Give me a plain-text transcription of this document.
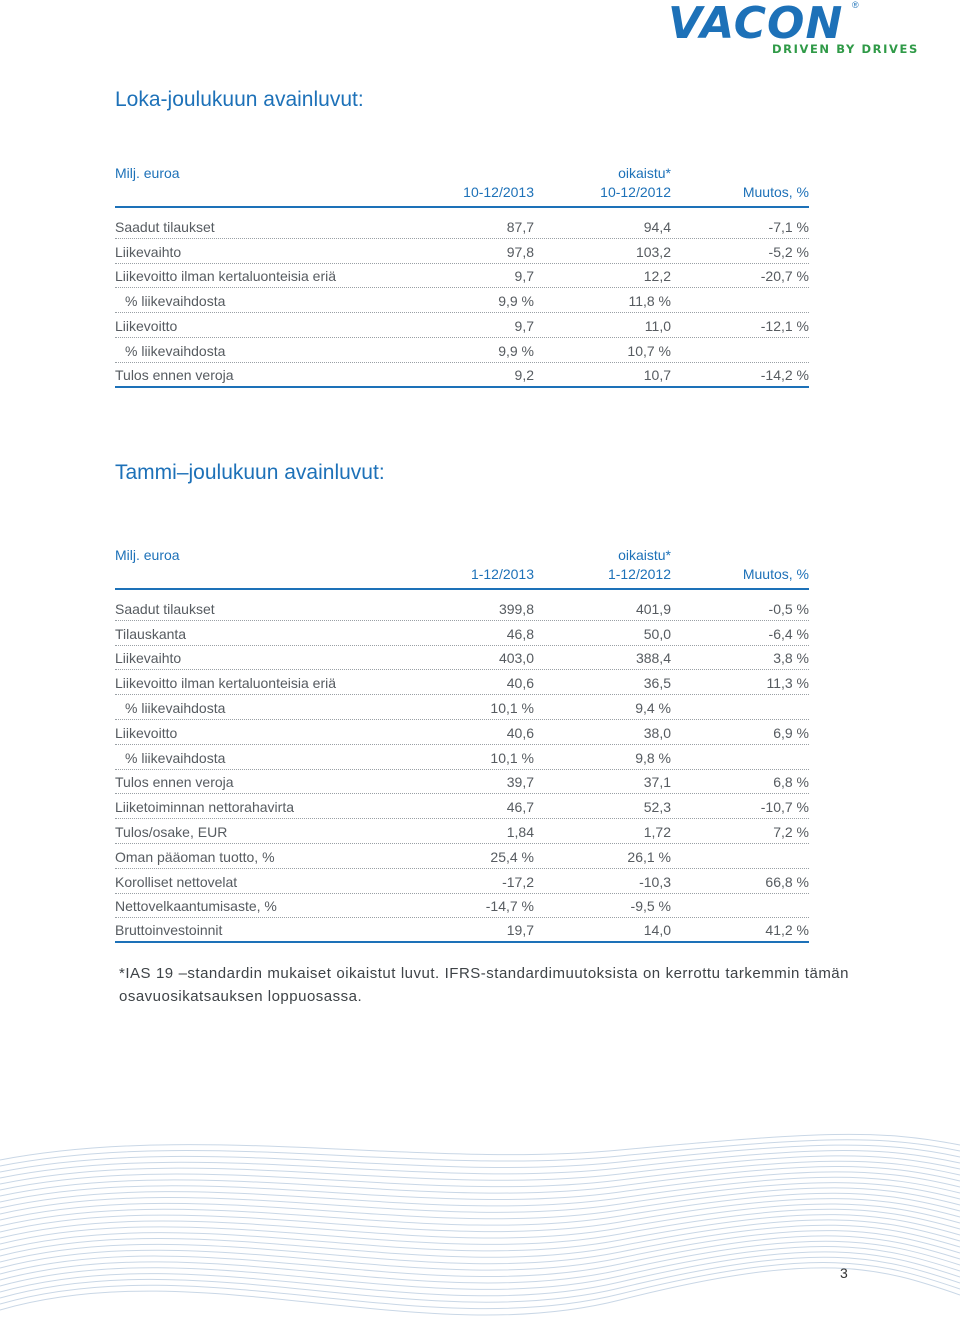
VACON ®
DRIVEN BY DRIVES
Loka-joulukuun avainluvut:
Milj. euroa	oikaistu*
10-12/2013	10-12/2012	Muutos, %
Saadut tilaukset	87,7	94,4	-7,1 %
Liikevaihto	97,8	103,2	-5,2 %
Liikevoitto ilman kertaluonteisia eriä	9,7	12,2	-20,7 %
% liikevaihdosta	9,9 %	11,8 %
Liikevoitto	9,7	11,0	-12,1 %
% liikevaihdosta	9,9 %	10,7 %
Tulos ennen veroja	9,2	10,7	-14,2 %
Tammi–joulukuun avainluvut:
Milj. euroa	oikaistu*
1-12/2013	1-12/2012	Muutos, %
Saadut tilaukset	399,8	401,9	-0,5 %
Tilauskanta	46,8	50,0	-6,4 %
Liikevaihto	403,0	388,4	3,8 %
Liikevoitto ilman kertaluonteisia eriä	40,6	36,5	11,3 %
% liikevaihdosta	10,1 %	9,4 %
Liikevoitto	40,6	38,0	6,9 %
% liikevaihdosta	10,1 %	9,8 %
Tulos ennen veroja	39,7	37,1	6,8 %
Liiketoiminnan nettorahavirta	46,7	52,3	-10,7 %
Tulos/osake, EUR	1,84	1,72	7,2 %
Oman pääoman tuotto, %	25,4 %	26,1 %
Korolliset nettovelat	-17,2	-10,3	66,8 %
Nettovelkaantumisaste, %	-14,7 %	-9,5 %
Bruttoinvestoinnit	19,7	14,0	41,2 %
*IAS 19 –standardin mukaiset oikaistut luvut. IFRS-standardimuutoksista on kerrottu tarkemmin tämän osavuosikatsauksen loppuosassa.
3
